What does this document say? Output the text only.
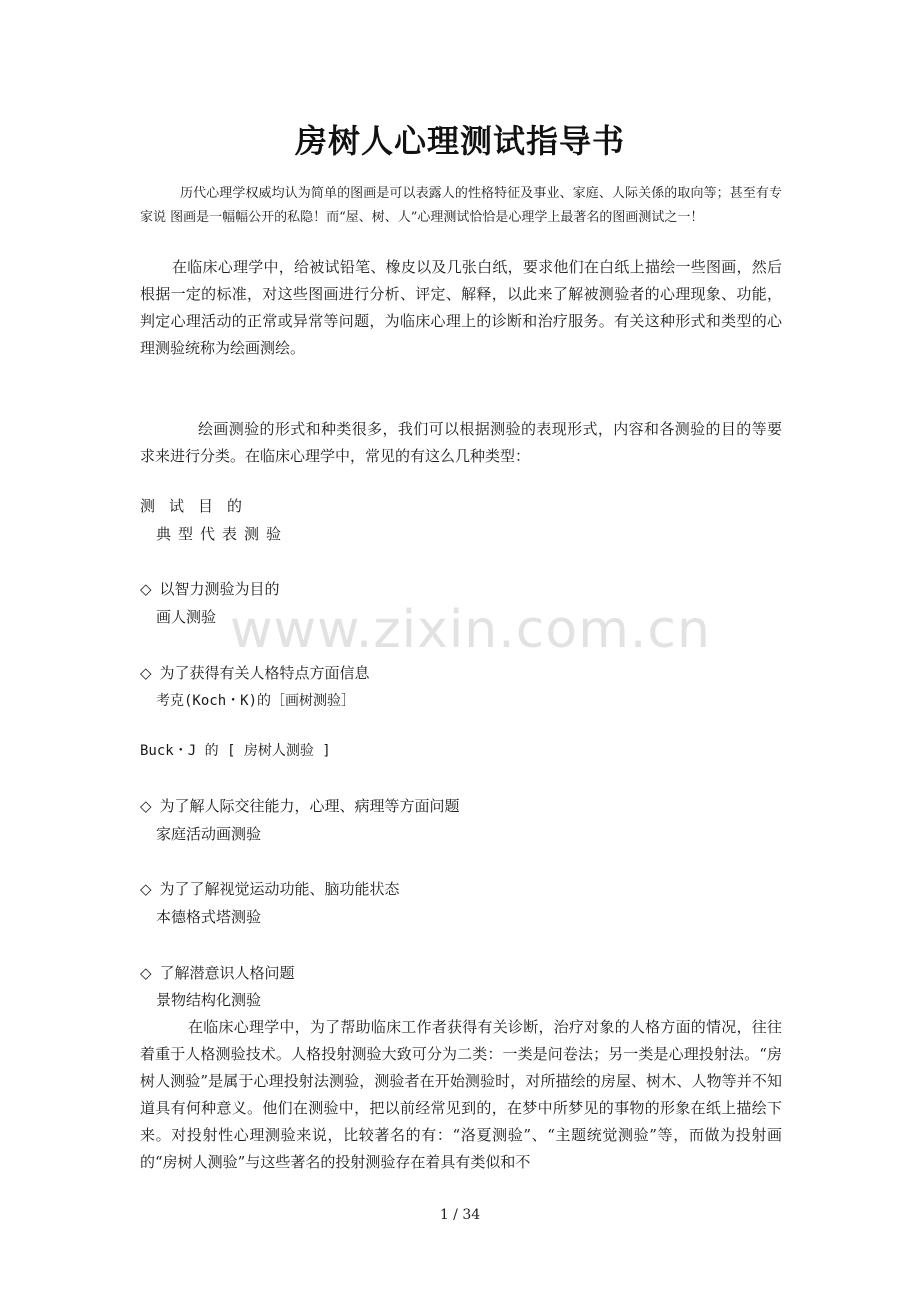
房树人心理测试指导书

历代心理学权威均认为简单的图画是可以表露人的性格特征及事业、家庭、人际关係的取向等；甚至有专家说 图画是一幅幅公开的私隐！而“屋、树、人”心理测试恰恰是心理学上最著名的图画测试之一！

在临床心理学中，给被试铅笔、橡皮以及几张白纸，要求他们在白纸上描绘一些图画，然后根据一定的标准，对这些图画进行分析、评定、解释，以此来了解被测验者的心理现象、功能，判定心理活动的正常或异常等问题，为临床心理上的诊断和治疗服务。有关这种形式和类型的心理测验统称为绘画测绘。

绘画测验的形式和种类很多，我们可以根据测验的表现形式，内容和各测验的目的等要求来进行分类。在临床心理学中，常见的有这么几种类型：

测试目的
典型代表测验
◇ 以智力测验为目的
画人测验
◇ 为了获得有关人格特点方面信息
考克(Koch・K)的［画树测验］
Buck・J 的 [ 房树人测验 ]
◇ 为了解人际交往能力，心理、病理等方面问题
家庭活动画测验
◇ 为了了解视觉运动功能、脑功能状态
本德格式塔测验
◇ 了解潜意识人格问题
景物结构化测验

在临床心理学中，为了帮助临床工作者获得有关诊断，治疗对象的人格方面的情况，往往着重于人格测验技术。人格投射测验大致可分为二类：一类是问卷法；另一类是心理投射法。“房树人测验”是属于心理投射法测验，测验者在开始测验时，对所描绘的房屋、树木、人物等并不知道具有何种意义。他们在测验中，把以前经常见到的，在梦中所梦见的事物的形象在纸上描绘下来。对投射性心理测验来说，比较著名的有：“洛夏测验”、“主题统觉测验”等，而做为投射画的“房树人测验”与这些著名的投射测验存在着具有类似和不

www.zixin.com.cn
1 / 34
